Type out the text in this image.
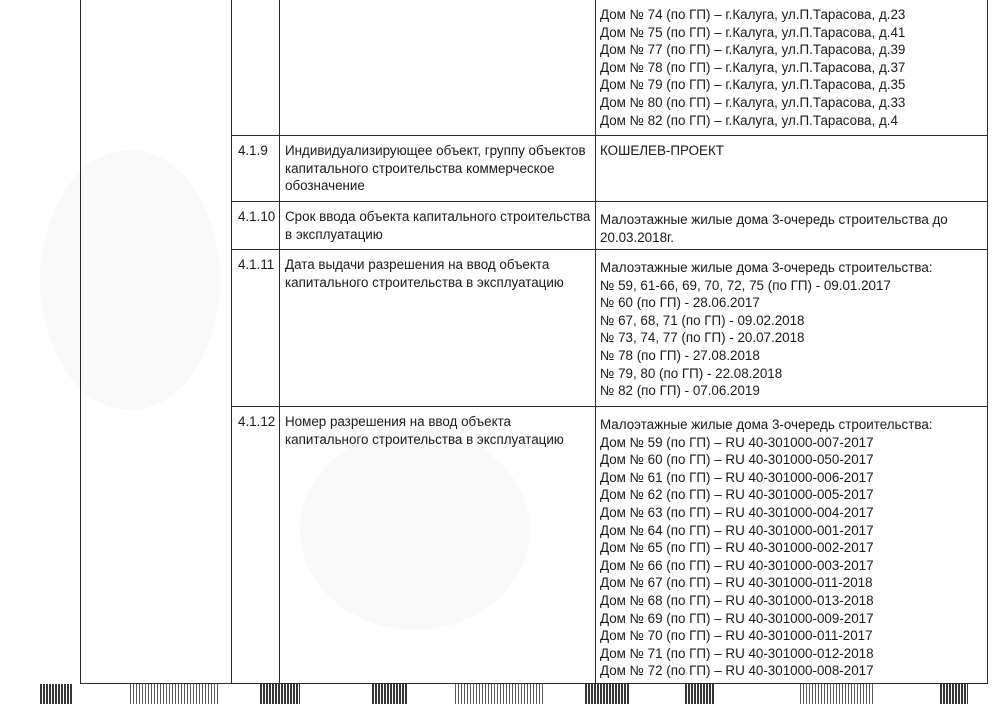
Дом № 74 (по ГП) – г.Калуга, ул.П.Тарасова, д.23
Дом № 75 (по ГП) – г.Калуга, ул.П.Тарасова, д.41
Дом № 77 (по ГП) – г.Калуга, ул.П.Тарасова, д.39
Дом № 78 (по ГП) – г.Калуга, ул.П.Тарасова, д.37
Дом № 79 (по ГП) – г.Калуга, ул.П.Тарасова, д.35
Дом № 80 (по ГП) – г.Калуга, ул.П.Тарасова, д.33
Дом № 82 (по ГП) – г.Калуга, ул.П.Тарасова, д.4
4.1.9 Индивидуализирующее объект, группу объектов
капитального строительства коммерческое
обозначение
КОШЕЛЕВ-ПРОЕКТ
4.1.10 Срок ввода объекта капитального строительства
в эксплуатацию
Малоэтажные жилые дома 3-очередь строительства до
20.03.2018г.
4.1.11 Дата выдачи разрешения на ввод объекта
капитального строительства в эксплуатацию
Малоэтажные жилые дома 3-очередь строительства:
№ 59, 61-66, 69, 70, 72, 75 (по ГП) - 09.01.2017
№ 60 (по ГП) - 28.06.2017
№ 67, 68, 71 (по ГП) - 09.02.2018
№ 73, 74, 77 (по ГП) - 20.07.2018
№ 78 (по ГП) - 27.08.2018
№ 79, 80 (по ГП) - 22.08.2018
№ 82 (по ГП) - 07.06.2019
4.1.12 Номер разрешения на ввод объекта
капитального строительства в эксплуатацию
Малоэтажные жилые дома 3-очередь строительства:
Дом № 59 (по ГП) – RU 40-301000-007-2017
Дом № 60 (по ГП) – RU 40-301000-050-2017
Дом № 61 (по ГП) – RU 40-301000-006-2017
Дом № 62 (по ГП) – RU 40-301000-005-2017
Дом № 63 (по ГП) – RU 40-301000-004-2017
Дом № 64 (по ГП) – RU 40-301000-001-2017
Дом № 65 (по ГП) – RU 40-301000-002-2017
Дом № 66 (по ГП) – RU 40-301000-003-2017
Дом № 67 (по ГП) – RU 40-301000-011-2018
Дом № 68 (по ГП) – RU 40-301000-013-2018
Дом № 69 (по ГП) – RU 40-301000-009-2017
Дом № 70 (по ГП) – RU 40-301000-011-2017
Дом № 71 (по ГП) – RU 40-301000-012-2018
Дом № 72 (по ГП) – RU 40-301000-008-2017
